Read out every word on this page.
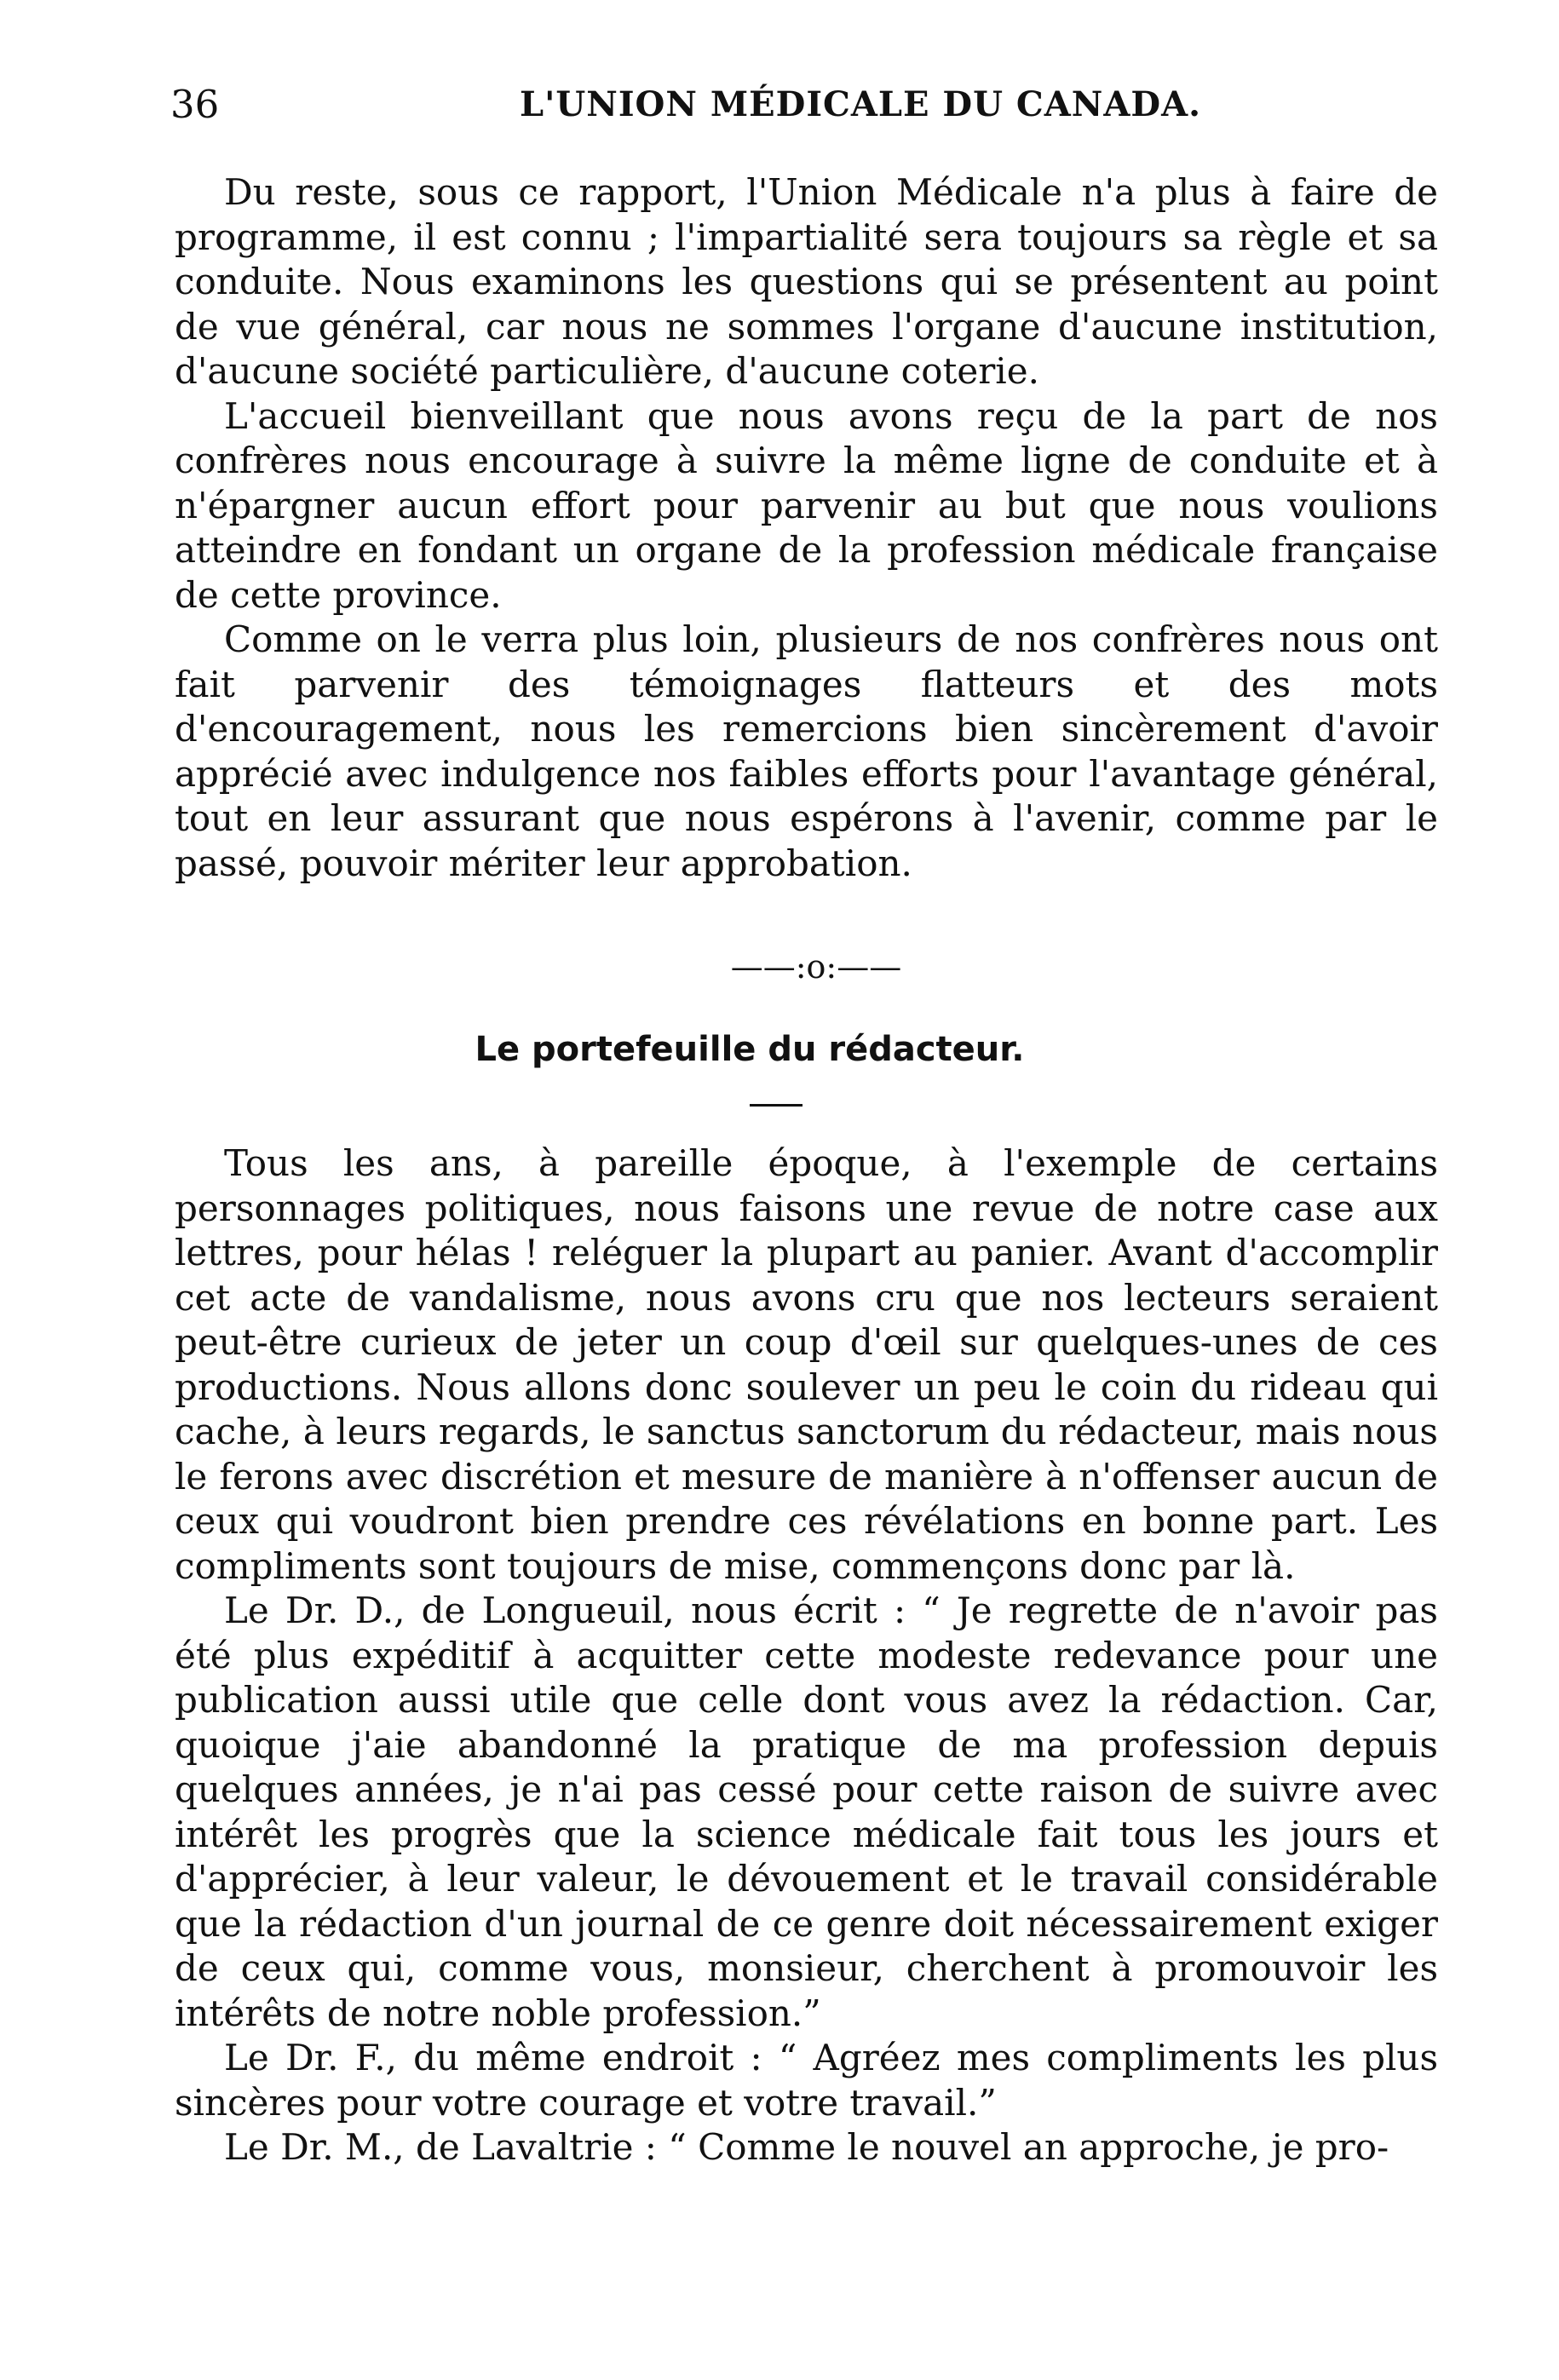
36	L'UNION MÉDICALE DU CANADA.

Du reste, sous ce rapport, l'Union Médicale n'a plus à faire de programme, il est connu ; l'impartialité sera toujours sa règle et sa conduite. Nous examinons les questions qui se présentent au point de vue général, car nous ne sommes l'organe d'aucune institution, d'aucune société particulière, d'aucune coterie.

L'accueil bienveillant que nous avons reçu de la part de nos confrères nous encourage à suivre la même ligne de conduite et à n'épargner aucun effort pour parvenir au but que nous voulions atteindre en fondant un organe de la profession médicale française de cette province.

Comme on le verra plus loin, plusieurs de nos confrères nous ont fait parvenir des témoignages flatteurs et des mots d'encouragement, nous les remercions bien sincèrement d'avoir apprécié avec indulgence nos faibles efforts pour l'avantage général, tout en leur assurant que nous espérons à l'avenir, comme par le passé, pouvoir mériter leur approbation.

——:o:——
Le portefeuille du rédacteur.

Tous les ans, à pareille époque, à l'exemple de certains personnages politiques, nous faisons une revue de notre case aux lettres, pour hélas ! reléguer la plupart au panier. Avant d'accomplir cet acte de vandalisme, nous avons cru que nos lecteurs seraient peut-être curieux de jeter un coup d'œil sur quelques-unes de ces productions. Nous allons donc soulever un peu le coin du rideau qui cache, à leurs regards, le sanctus sanctorum du rédacteur, mais nous le ferons avec discrétion et mesure de manière à n'offenser aucun de ceux qui voudront bien prendre ces révélations en bonne part. Les compliments sont toujours de mise, commençons donc par là.

Le Dr. D., de Longueuil, nous écrit : “ Je regrette de n'avoir pas été plus expéditif à acquitter cette modeste redevance pour une publication aussi utile que celle dont vous avez la rédaction. Car, quoique j'aie abandonné la pratique de ma profession depuis quelques années, je n'ai pas cessé pour cette raison de suivre avec intérêt les progrès que la science médicale fait tous les jours et d'apprécier, à leur valeur, le dévouement et le travail considérable que la rédaction d'un journal de ce genre doit nécessairement exiger de ceux qui, comme vous, monsieur, cherchent à promouvoir les intérêts de notre noble profession.”

Le Dr. F., du même endroit : “ Agréez mes compliments les plus sincères pour votre courage et votre travail.”

Le Dr. M., de Lavaltrie : “ Comme le nouvel an approche, je pro-
